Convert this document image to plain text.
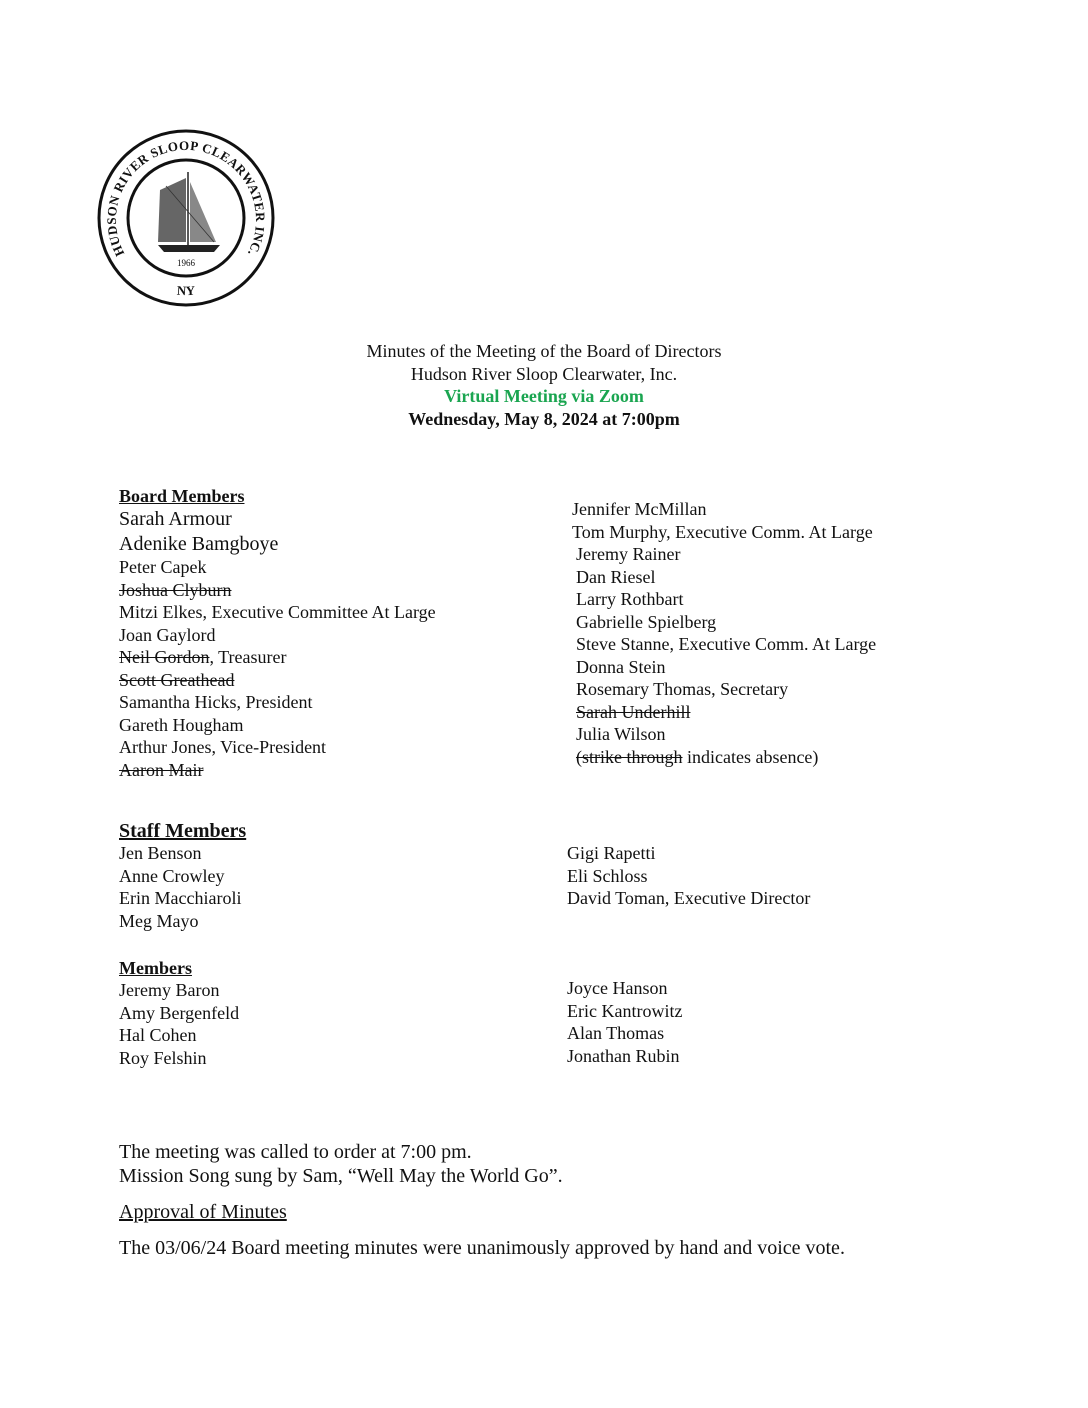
HUDSON RIVER SLOOP CLEARWATER INC.
NY
1966
Minutes of the Meeting of the Board of Directors
Hudson River Sloop Clearwater, Inc.
Virtual Meeting via Zoom
Wednesday, May 8, 2024 at 7:00pm
Board Members
Sarah Armour
Adenike Bamgboye
Peter Capek
Joshua Clyburn
Mitzi Elkes, Executive Committee At Large
Joan Gaylord
Neil Gordon, Treasurer
Scott Greathead
Samantha Hicks, President
Gareth Hougham
Arthur Jones, Vice-President
Aaron Mair
Jennifer McMillan
Tom Murphy, Executive Comm. At Large
Jeremy Rainer
Dan Riesel
Larry Rothbart
Gabrielle Spielberg
Steve Stanne, Executive Comm. At Large
Donna Stein
Rosemary Thomas, Secretary
Sarah Underhill
Julia Wilson
(strike through indicates absence)
Staff Members
Jen Benson
Anne Crowley
Erin Macchiaroli
Meg Mayo
Gigi Rapetti
Eli Schloss
David Toman, Executive Director
Members
Jeremy Baron
Amy Bergenfeld
Hal Cohen
Roy Felshin
Joyce Hanson
Eric Kantrowitz
Alan Thomas
Jonathan Rubin
The meeting was called to order at 7:00 pm.
Mission Song sung by Sam, “Well May the World Go”.
Approval of Minutes
The 03/06/24 Board meeting minutes were unanimously approved by hand and voice vote.
